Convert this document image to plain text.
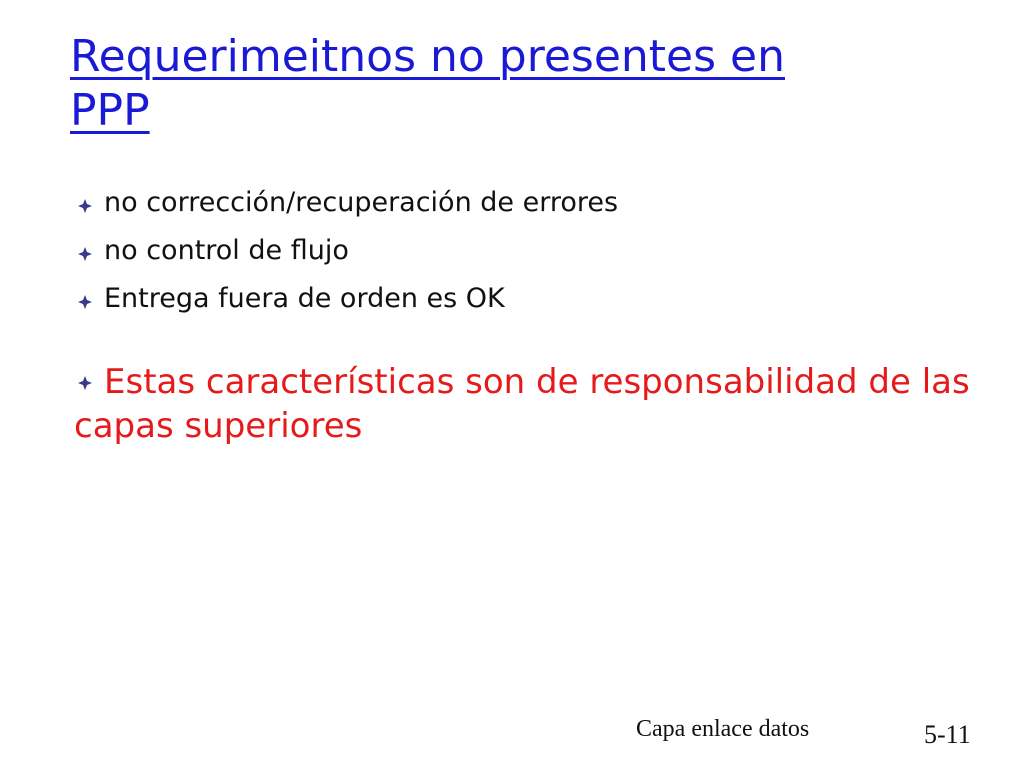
Requerimeitnos no presentes en
PPP
no corrección/recuperación de errores
no control de flujo
Entrega fuera de orden es OK
Estas características son de responsabilidad de las capas superiores
Capa enlace datos	5-11
